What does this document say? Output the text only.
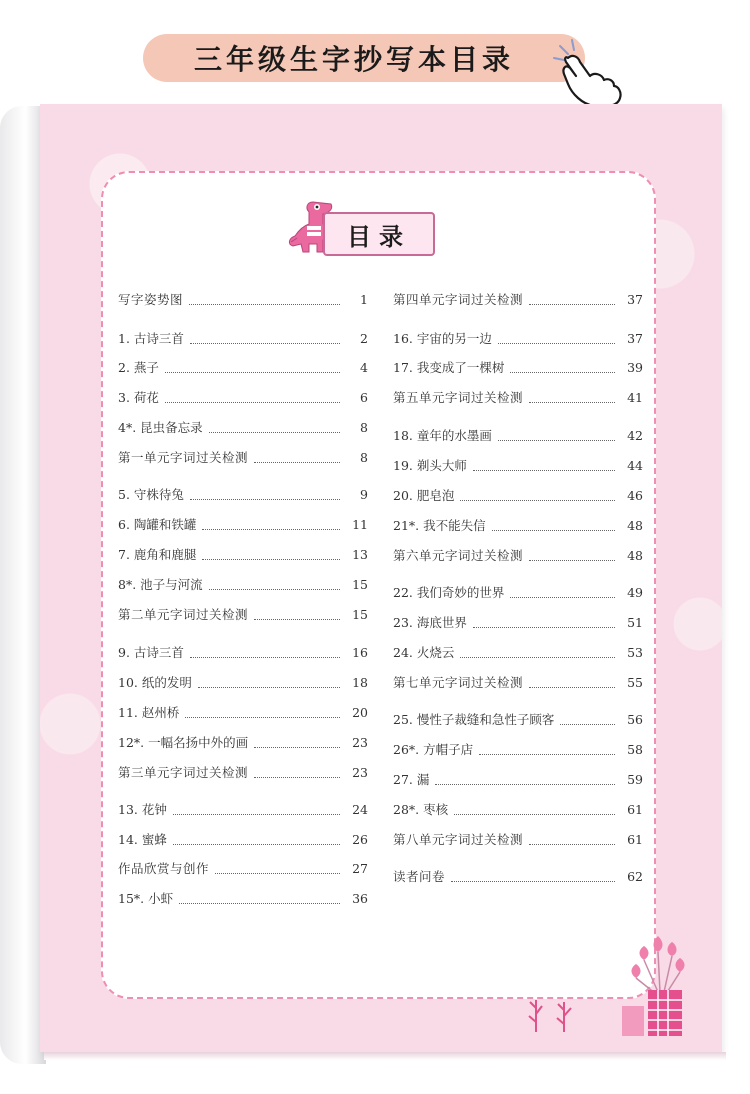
三年级生字抄写本目录
目录
写字姿势图	1
1. 古诗三首	2
2. 燕子	4
3. 荷花	6
4*. 昆虫备忘录	8
第一单元字词过关检测	8
5. 守株待兔	9
6. 陶罐和铁罐	11
7. 鹿角和鹿腿	13
8*. 池子与河流	15
第二单元字词过关检测	15
9. 古诗三首	16
10. 纸的发明	18
11. 赵州桥	20
12*. 一幅名扬中外的画	23
第三单元字词过关检测	23
13. 花钟	24
14. 蜜蜂	26
作品欣赏与创作	27
15*. 小虾	36
第四单元字词过关检测	37
16. 宇宙的另一边	37
17. 我变成了一棵树	39
第五单元字词过关检测	41
18. 童年的水墨画	42
19. 剃头大师	44
20. 肥皂泡	46
21*. 我不能失信	48
第六单元字词过关检测	48
22. 我们奇妙的世界	49
23. 海底世界	51
24. 火烧云	53
第七单元字词过关检测	55
25. 慢性子裁缝和急性子顾客	56
26*. 方帽子店	58
27. 漏	59
28*. 枣核	61
第八单元字词过关检测	61
读者问卷	62
